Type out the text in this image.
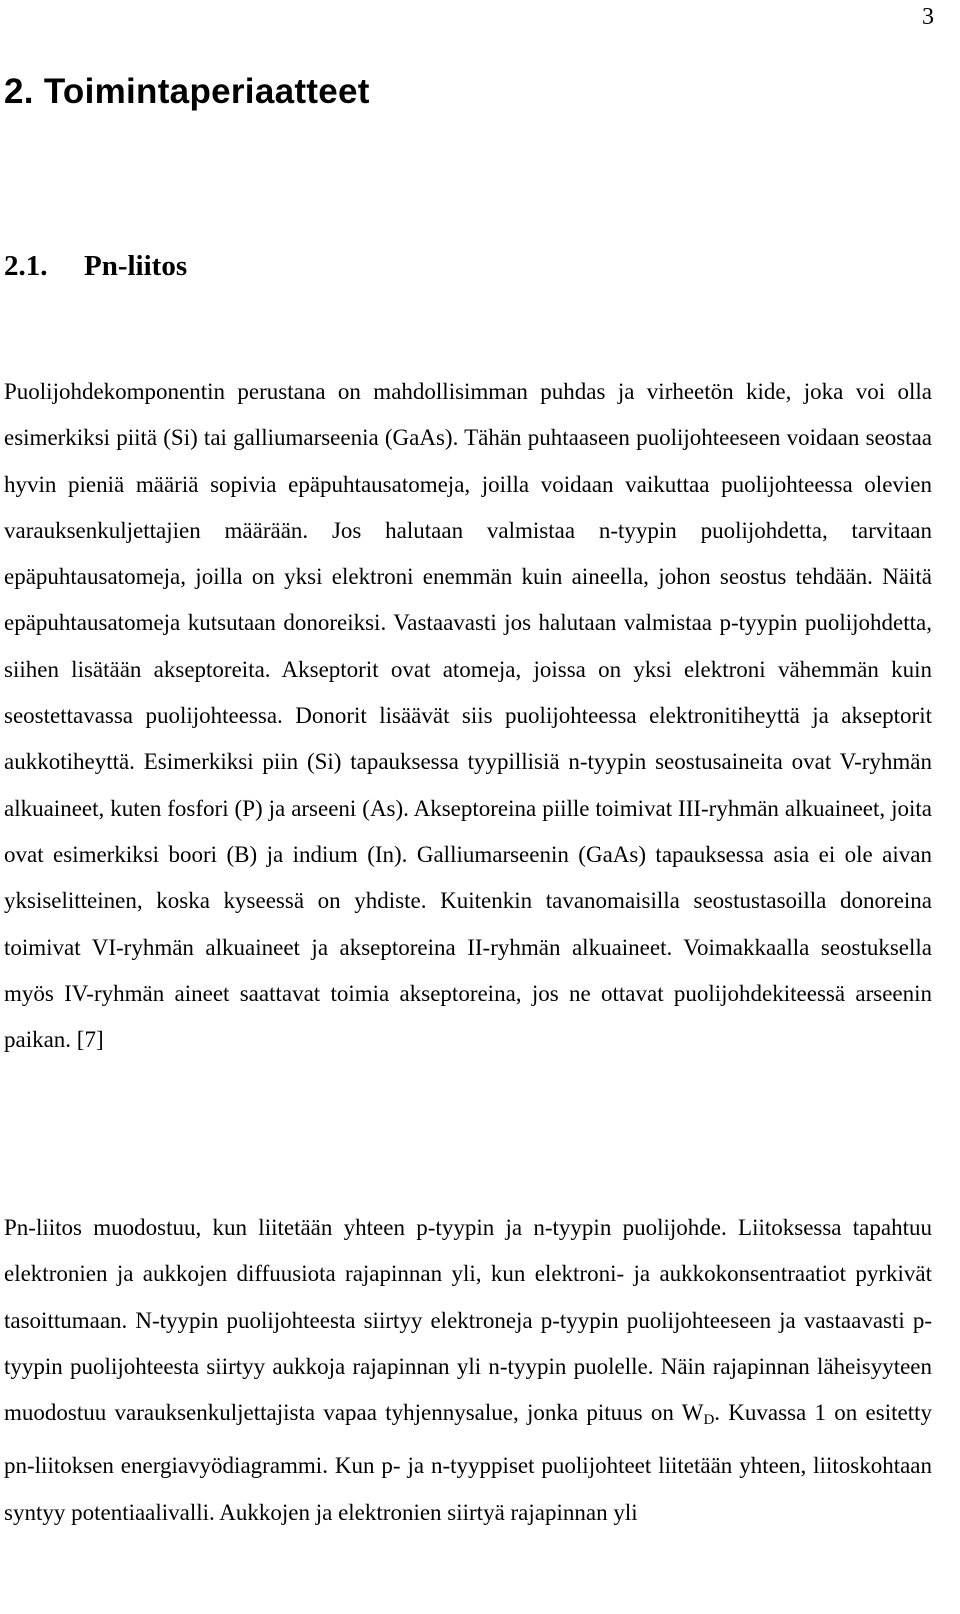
3
2. Toimintaperiaatteet
2.1. Pn-liitos

Puolijohdekomponentin perustana on mahdollisimman puhdas ja virheetön kide, joka voi olla esimerkiksi piitä (Si) tai galliumarseenia (GaAs). Tähän puhtaaseen puolijohteeseen voidaan seostaa hyvin pieniä määriä sopivia epäpuhtausatomeja, joilla voidaan vaikuttaa puolijohteessa olevien varauksenkuljettajien määrään. Jos halutaan valmistaa n-tyypin puolijohdetta, tarvitaan epäpuhtausatomeja, joilla on yksi elektroni enemmän kuin aineella, johon seostus tehdään. Näitä epäpuhtausatomeja kutsutaan donoreiksi. Vastaavasti jos halutaan valmistaa p-tyypin puolijohdetta, siihen lisätään akseptoreita. Akseptorit ovat atomeja, joissa on yksi elektroni vähemmän kuin seostettavassa puolijohteessa. Donorit lisäävät siis puolijohteessa elektronitiheyttä ja akseptorit aukkotiheyttä. Esimerkiksi piin (Si) tapauksessa tyypillisiä n-tyypin seostusaineita ovat V-ryhmän alkuaineet, kuten fosfori (P) ja arseeni (As). Akseptoreina piille toimivat III-ryhmän alkuaineet, joita ovat esimerkiksi boori (B) ja indium (In). Galliumarseenin (GaAs) tapauksessa asia ei ole aivan yksiselitteinen, koska kyseessä on yhdiste. Kuitenkin tavanomaisilla seostustasoilla donoreina toimivat VI-ryhmän alkuaineet ja akseptoreina II-ryhmän alkuaineet. Voimakkaalla seostuksella myös IV-ryhmän aineet saattavat toimia akseptoreina, jos ne ottavat puolijohdekiteessä arseenin paikan. [7]

Pn-liitos muodostuu, kun liitetään yhteen p-tyypin ja n-tyypin puolijohde. Liitoksessa tapahtuu elektronien ja aukkojen diffuusiota rajapinnan yli, kun elektroni- ja aukkokonsentraatiot pyrkivät tasoittumaan. N-tyypin puolijohteesta siirtyy elektroneja p-tyypin puolijohteeseen ja vastaavasti p-tyypin puolijohteesta siirtyy aukkoja rajapinnan yli n-tyypin puolelle. Näin rajapinnan läheisyyteen muodostuu varauksenkuljettajista vapaa tyhjennysalue, jonka pituus on $W_D$. Kuvassa 1 on esitetty pn-liitoksen energiavyödiagrammi. Kun p- ja n-tyyppiset puolijohteet liitetään yhteen, liitoskohtaan syntyy potentiaalivalli. Aukkojen ja elektronien siirtyä rajapinnan yli
